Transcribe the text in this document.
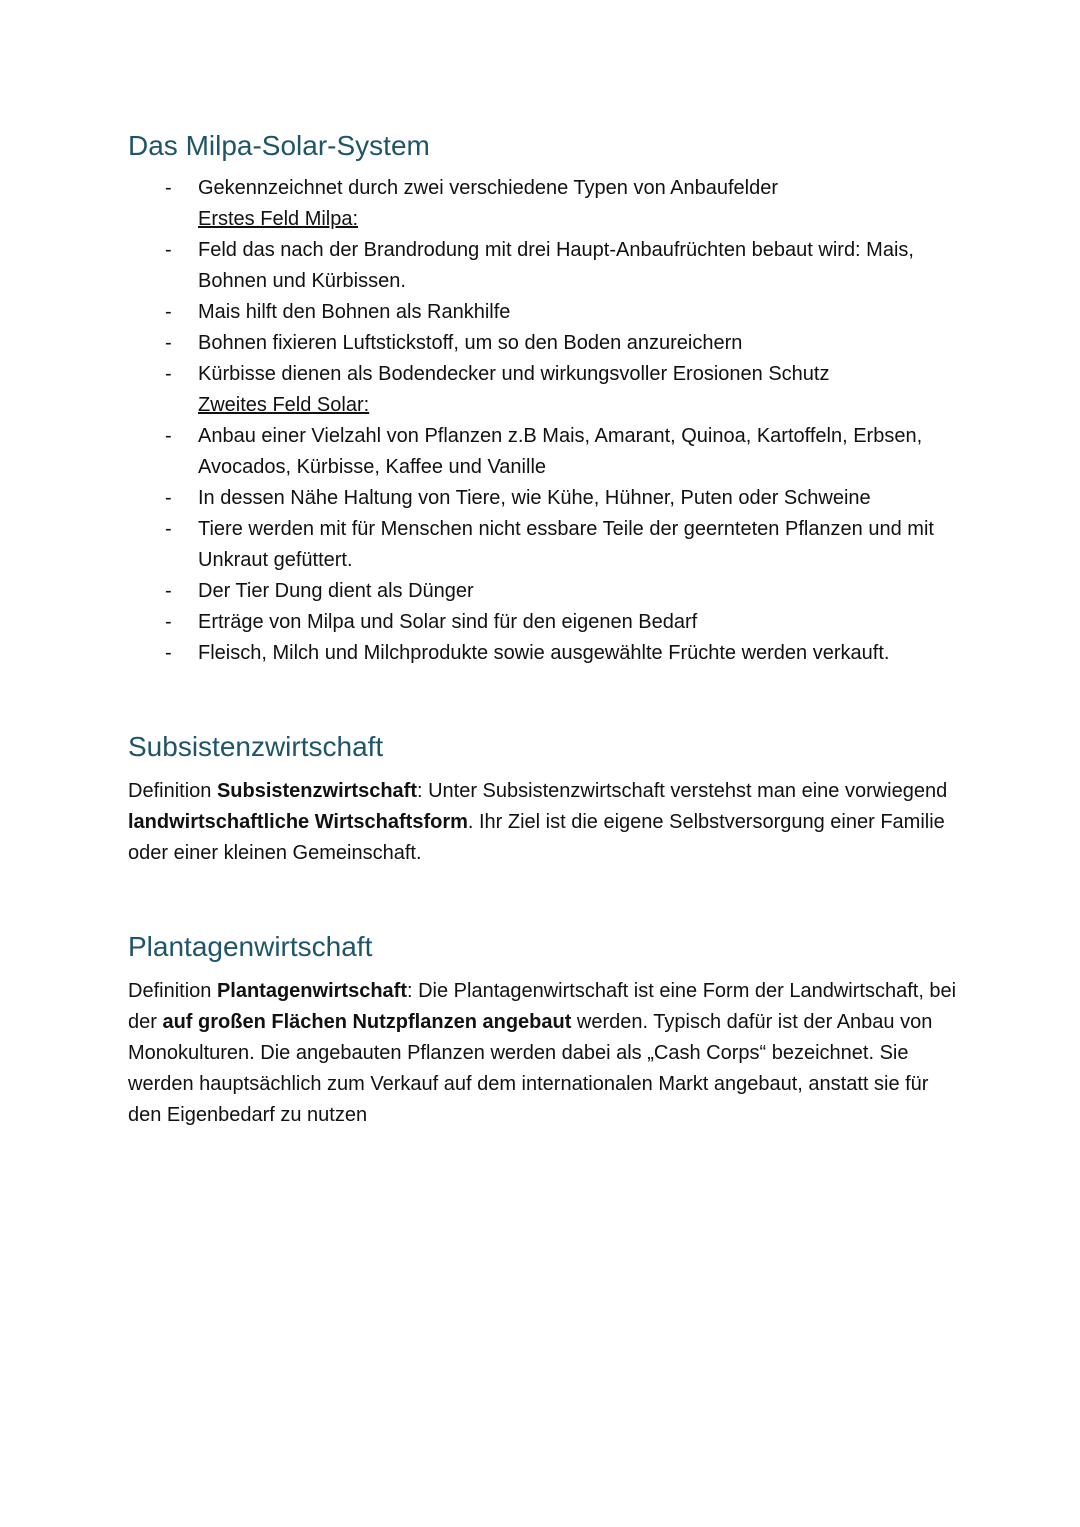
Das Milpa-Solar-System
- Gekennzeichnet durch zwei verschiedene Typen von Anbaufelder
Erstes Feld Milpa:
- Feld das nach der Brandrodung mit drei Haupt-Anbaufrüchten bebaut wird: Mais, Bohnen und Kürbissen.
- Mais hilft den Bohnen als Rankhilfe
- Bohnen fixieren Luftstickstoff, um so den Boden anzureichern
- Kürbisse dienen als Bodendecker und wirkungsvoller Erosionen Schutz
Zweites Feld Solar:
- Anbau einer Vielzahl von Pflanzen z.B Mais, Amarant, Quinoa, Kartoffeln, Erbsen, Avocados, Kürbisse, Kaffee und Vanille
- In dessen Nähe Haltung von Tiere, wie Kühe, Hühner, Puten oder Schweine
- Tiere werden mit für Menschen nicht essbare Teile der geernteten Pflanzen und mit Unkraut gefüttert.
- Der Tier Dung dient als Dünger
- Erträge von Milpa und Solar sind für den eigenen Bedarf
- Fleisch, Milch und Milchprodukte sowie ausgewählte Früchte werden verkauft.
Subsistenzwirtschaft

Definition Subsistenzwirtschaft: Unter Subsistenzwirtschaft verstehst man eine vorwiegend landwirtschaftliche Wirtschaftsform. Ihr Ziel ist die eigene Selbstversorgung einer Familie oder einer kleinen Gemeinschaft.

Plantagenwirtschaft

Definition Plantagenwirtschaft: Die Plantagenwirtschaft ist eine Form der Landwirtschaft, bei der auf großen Flächen Nutzpflanzen angebaut werden. Typisch dafür ist der Anbau von Monokulturen. Die angebauten Pflanzen werden dabei als „Cash Corps“ bezeichnet. Sie werden hauptsächlich zum Verkauf auf dem internationalen Markt angebaut, anstatt sie für den Eigenbedarf zu nutzen
